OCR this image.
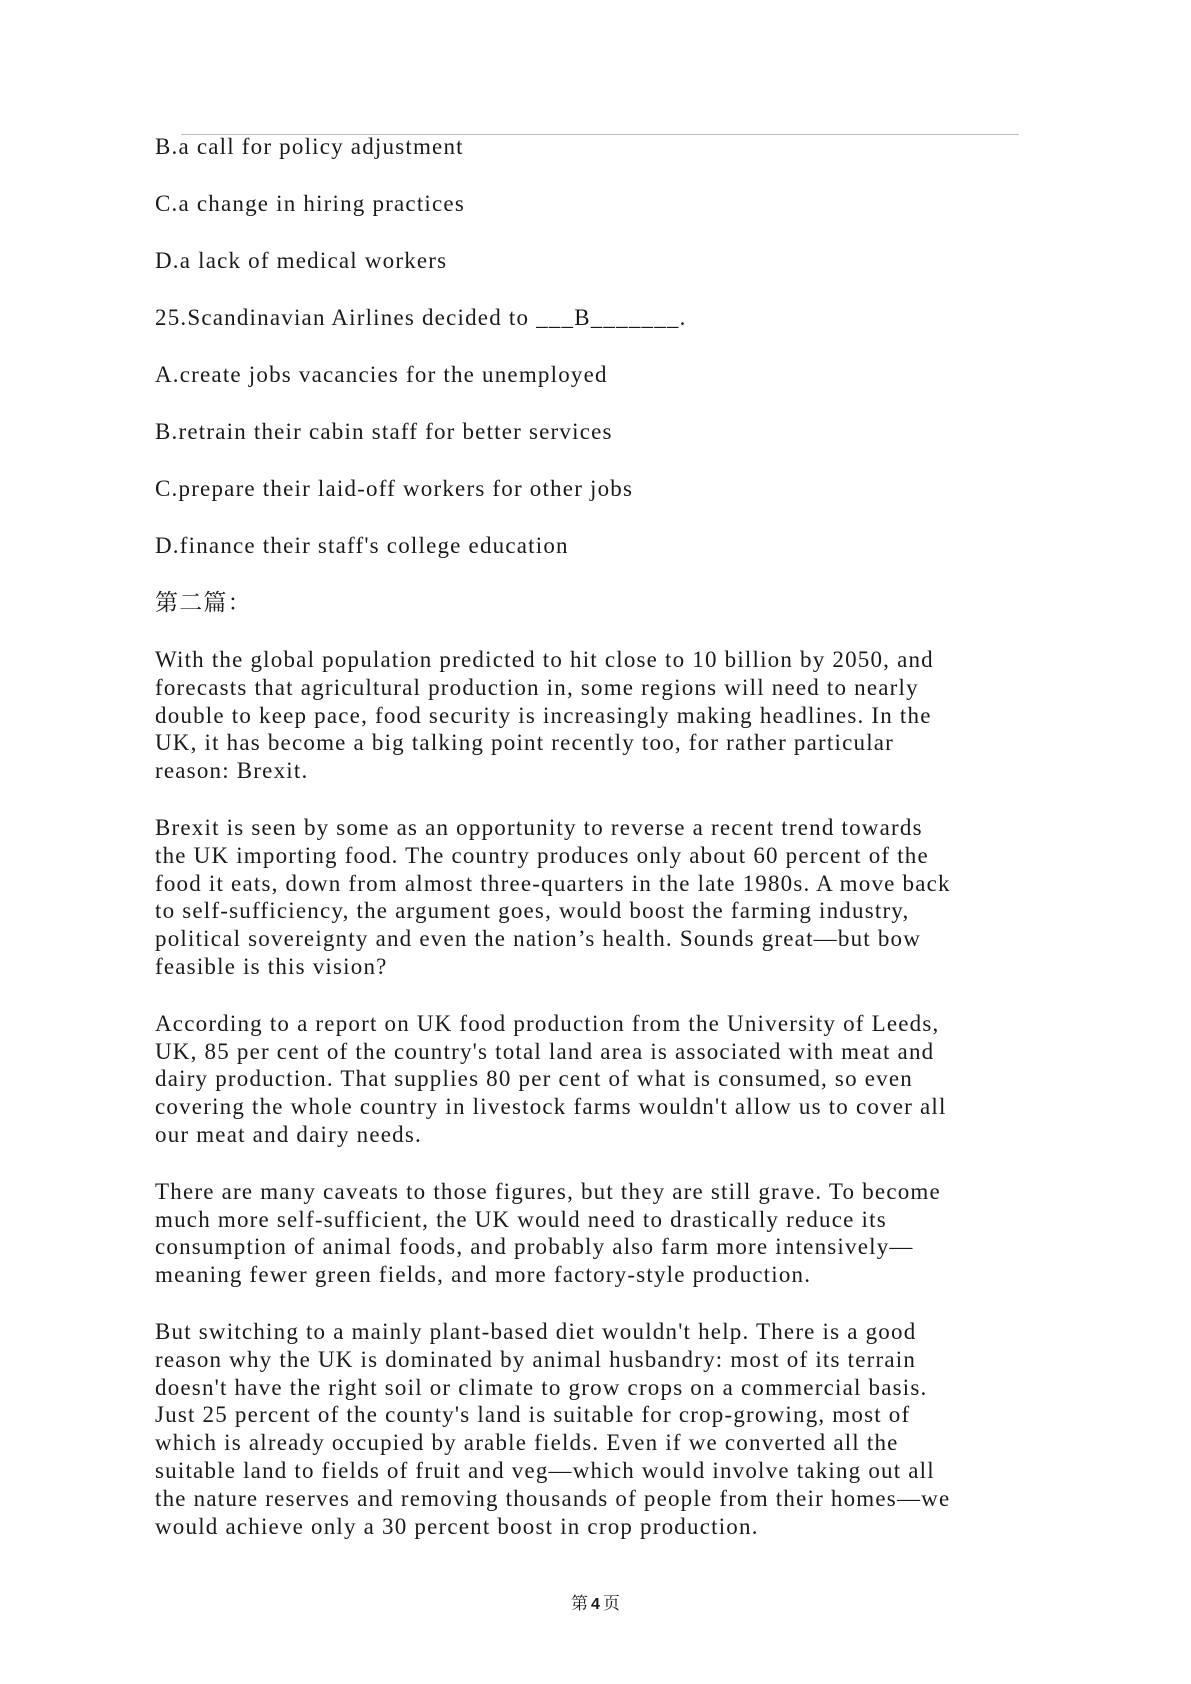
B.a call for policy adjustment
C.a change in hiring practices
D.a lack of medical workers
25.Scandinavian Airlines decided to ___B_______.
A.create jobs vacancies for the unemployed
B.retrain their cabin staff for better services
C.prepare their laid-off workers for other jobs
D.finance their staff's college education
第二篇：
With the global population predicted to hit close to 10 billion by 2050, and
forecasts that agricultural production in, some regions will need to nearly
double to keep pace, food security is increasingly making headlines. In the
UK, it has become a big talking point recently too, for rather particular
reason: Brexit.
Brexit is seen by some as an opportunity to reverse a recent trend towards
the UK importing food. The country produces only about 60 percent of the
food it eats, down from almost three-quarters in the late 1980s. A move back
to self-sufficiency, the argument goes, would boost the farming industry,
political sovereignty and even the nation’s health. Sounds great—but bow
feasible is this vision?
According to a report on UK food production from the University of Leeds,
UK, 85 per cent of the country's total land area is associated with meat and
dairy production. That supplies 80 per cent of what is consumed, so even
covering the whole country in livestock farms wouldn't allow us to cover all
our meat and dairy needs.
There are many caveats to those figures, but they are still grave. To become
much more self-sufficient, the UK would need to drastically reduce its
consumption of animal foods, and probably also farm more intensively—
meaning fewer green fields, and more factory-style production.
But switching to a mainly plant-based diet wouldn't help. There is a good
reason why the UK is dominated by animal husbandry: most of its terrain
doesn't have the right soil or climate to grow crops on a commercial basis.
Just 25 percent of the county's land is suitable for crop-growing, most of
which is already occupied by arable fields. Even if we converted all the
suitable land to fields of fruit and veg—which would involve taking out all
the nature reserves and removing thousands of people from their homes—we
would achieve only a 30 percent boost in crop production.
第 4 页
